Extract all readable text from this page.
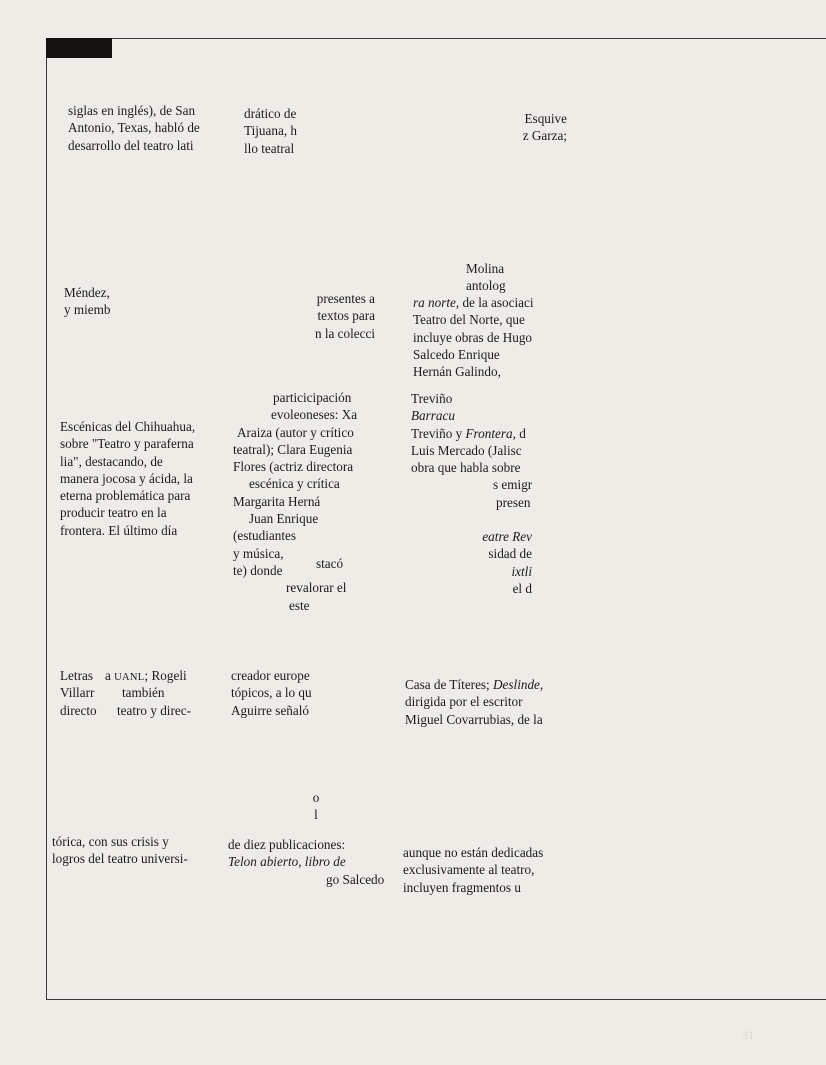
siglas en inglés), de San
Antonio, Texas, habló de
desarrollo del teatro lati
Méndez,
y miemb
Escénicas del Chihuahua,
sobre "Teatro y paraferna
lia", destacando, de
manera jocosa y ácida, la
eterna problemática para
producir teatro en la
frontera. El último día
Letras
Villarr
directo
a UANL; Rogeli
también
teatro y direc-
tórica, con sus crisis y
logros del teatro universi-
drático de
Tijuana, h
llo teatral
presentes a
textos para
n la colecci
particicipación
evoleoneses: Xa
Araiza (autor y crítico
teatral); Clara Eugenia
Flores (actriz directora
escénica y crítica
Margarita Herná
Juan Enrique
(estudiantes
y música,
te) donde
revalorar el
este
stacó
creador europe
tópicos, a lo qu
Aguirre señaló
o
l
de diez publicaciones:
Telon abierto, libro de
go Salcedo
Esquive
z Garza;
Molina
antolog
ra norte, de la asociaci
Teatro del Norte, que
incluye obras de Hugo
Salcedo Enrique
Hernán Galindo,
Treviño
Barracu
Treviño y Frontera, d
Luis Mercado (Jalisc
obra que habla sobre
s emigr
presen
eatre Rev
sidad de
ixtli
el d
Casa de Títeres; Deslinde,
dirigida por el escritor
Miguel Covarrubias, de la
aunque no están dedicadas
exclusivamente al teatro,
incluyen fragmentos u
31
